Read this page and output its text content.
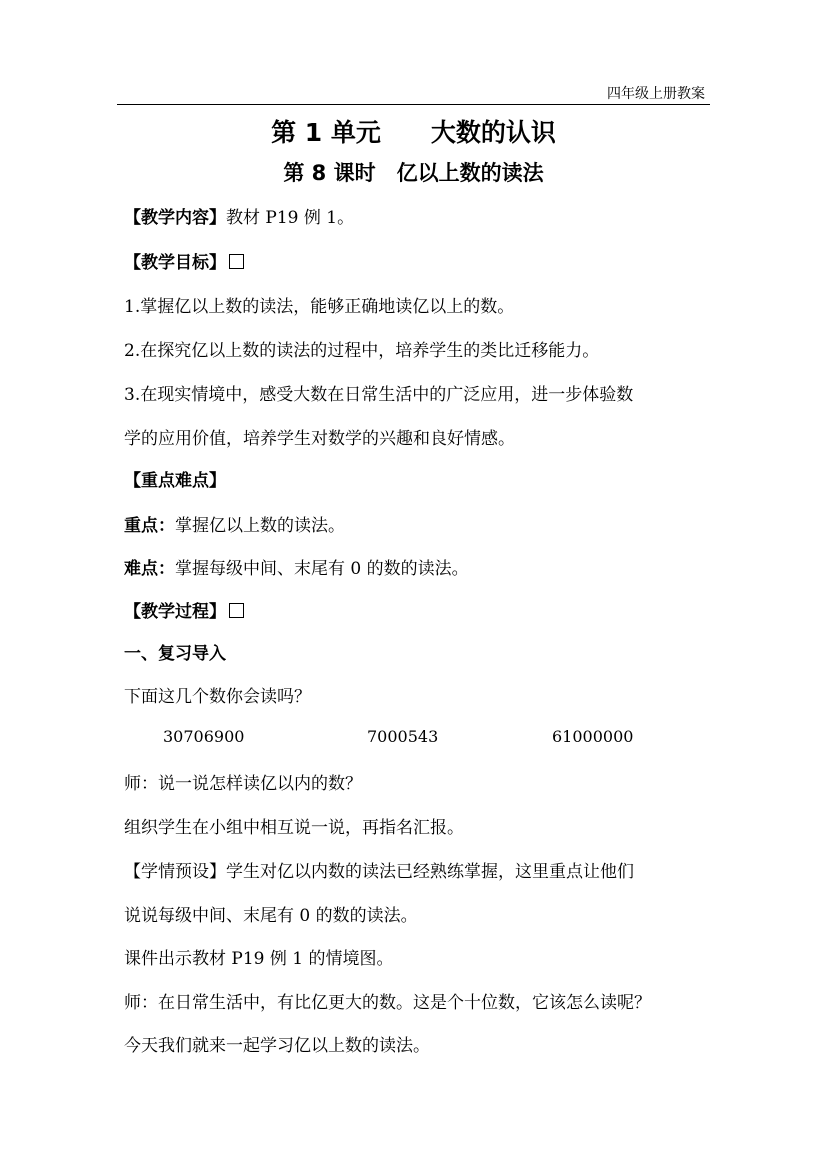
四年级上册教案
第 1 单元　　大数的认识
第 8 课时　亿以上数的读法
【教学内容】教材 P19 例 1。
【教学目标】
1.掌握亿以上数的读法，能够正确地读亿以上的数。
2.在探究亿以上数的读法的过程中，培养学生的类比迁移能力。
3.在现实情境中，感受大数在日常生活中的广泛应用，进一步体验数
学的应用价值，培养学生对数学的兴趣和良好情感。
【重点难点】
重点：掌握亿以上数的读法。
难点：掌握每级中间、末尾有 0 的数的读法。
【教学过程】
一、复习导入
下面这几个数你会读吗？
30706900	7000543	61000000
师：说一说怎样读亿以内的数？
组织学生在小组中相互说一说，再指名汇报。
【学情预设】学生对亿以内数的读法已经熟练掌握，这里重点让他们
说说每级中间、末尾有 0 的数的读法。
课件出示教材 P19 例 1 的情境图。
师：在日常生活中，有比亿更大的数。这是个十位数，它该怎么读呢？
今天我们就来一起学习亿以上数的读法。
